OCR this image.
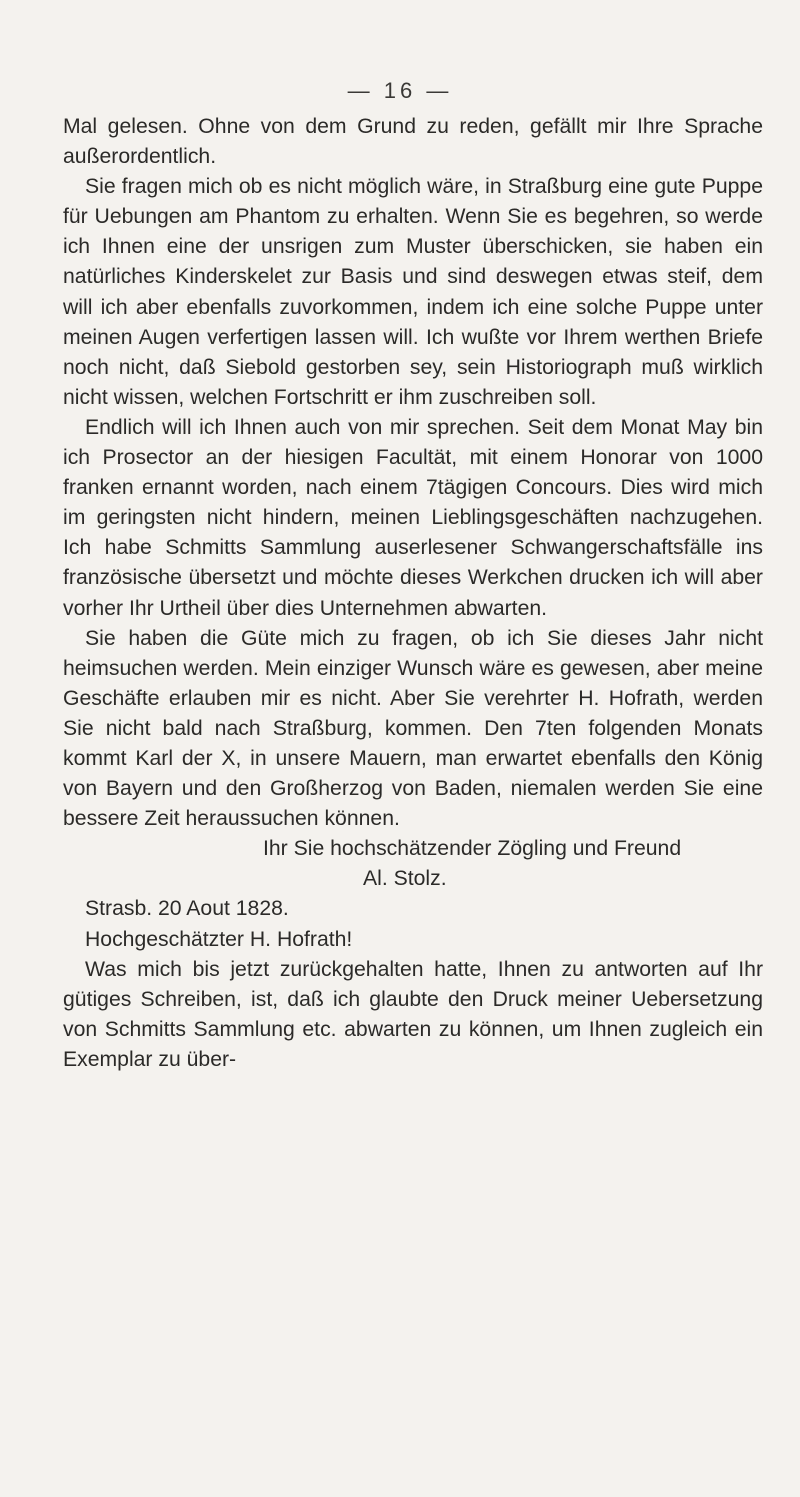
— 16 —

Mal gelesen. Ohne von dem Grund zu reden, gefällt mir Ihre Sprache außerordentlich.

Sie fragen mich ob es nicht möglich wäre, in Straßburg eine gute Puppe für Uebungen am Phantom zu erhalten. Wenn Sie es begehren, so werde ich Ihnen eine der unsrigen zum Muster überschicken, sie haben ein natürliches Kinderskelet zur Basis und sind deswegen etwas steif, dem will ich aber ebenfalls zuvorkommen, indem ich eine solche Puppe unter meinen Augen verfertigen lassen will. Ich wußte vor Ihrem werthen Briefe noch nicht, daß Siebold gestorben sey, sein Historiograph muß wirklich nicht wissen, welchen Fortschritt er ihm zuschreiben soll.

Endlich will ich Ihnen auch von mir sprechen. Seit dem Monat May bin ich Prosector an der hiesigen Facultät, mit einem Honorar von 1000 franken ernannt worden, nach einem 7tägigen Concours. Dies wird mich im geringsten nicht hindern, meinen Lieblingsgeschäften nachzugehen. Ich habe Schmitts Sammlung auserlesener Schwangerschaftsfälle ins französische übersetzt und möchte dieses Werkchen drucken ich will aber vorher Ihr Urtheil über dies Unternehmen abwarten.

Sie haben die Güte mich zu fragen, ob ich Sie dieses Jahr nicht heimsuchen werden. Mein einziger Wunsch wäre es gewesen, aber meine Geschäfte erlauben mir es nicht. Aber Sie verehrter H. Hofrath, werden Sie nicht bald nach Straßburg, kommen. Den 7ten folgenden Monats kommt Karl der X, in unsere Mauern, man erwartet ebenfalls den König von Bayern und den Großherzog von Baden, niemalen werden Sie eine bessere Zeit heraussuchen können.

Ihr Sie hochschätzender Zögling und Freund

Al. Stolz.

Strasb. 20 Aout 1828.

Hochgeschätzter H. Hofrath!

Was mich bis jetzt zurückgehalten hatte, Ihnen zu antworten auf Ihr gütiges Schreiben, ist, daß ich glaubte den Druck meiner Uebersetzung von Schmitts Sammlung etc. abwarten zu können, um Ihnen zugleich ein Exemplar zu über-
